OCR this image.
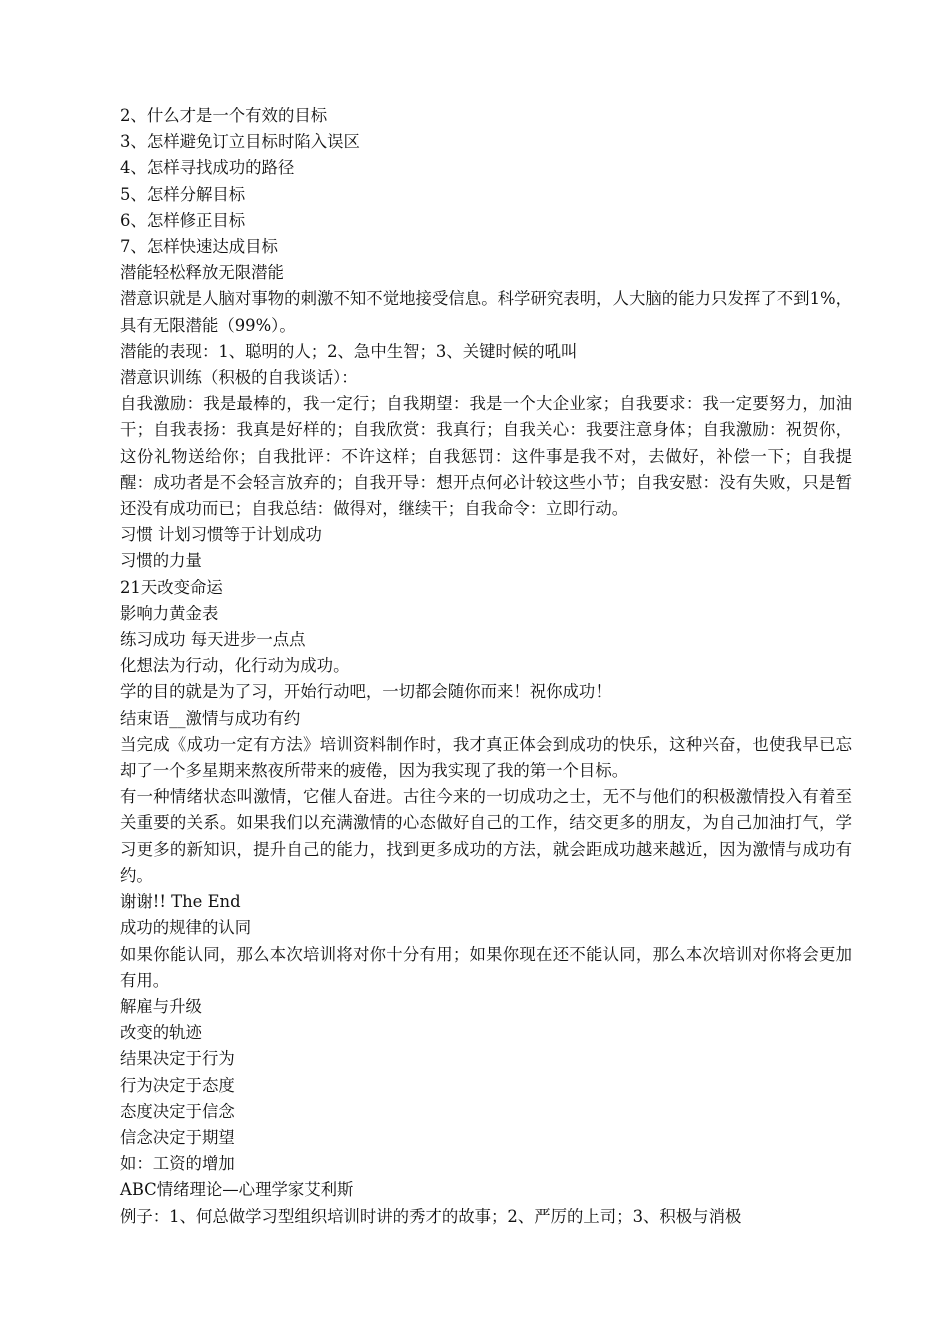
2、什么才是一个有效的目标
3、怎样避免订立目标时陷入误区
4、怎样寻找成功的路径
5、怎样分解目标
6、怎样修正目标
7、怎样快速达成目标
潜能轻松释放无限潜能
潜意识就是人脑对事物的刺激不知不觉地接受信息。科学研究表明，人大脑的能力只发挥了不到1%，具有无限潜能（99%）。
潜能的表现：1、聪明的人；2、急中生智；3、关键时候的吼叫
潜意识训练（积极的自我谈话）：
自我激励：我是最棒的，我一定行；自我期望：我是一个大企业家；自我要求：我一定要努力，加油干；自我表扬：我真是好样的；自我欣赏：我真行；自我关心：我要注意身体；自我激励：祝贺你，这份礼物送给你；自我批评：不许这样；自我惩罚：这件事是我不对，去做好，补偿一下；自我提醒：成功者是不会轻言放弃的；自我开导：想开点何必计较这些小节；自我安慰：没有失败，只是暂还没有成功而已；自我总结：做得对，继续干；自我命令：立即行动。
习惯 计划习惯等于计划成功
习惯的力量
21天改变命运
影响力黄金表
练习成功 每天进步一点点
化想法为行动，化行动为成功。
学的目的就是为了习，开始行动吧，一切都会随你而来！祝你成功！
结束语__激情与成功有约
当完成《成功一定有方法》培训资料制作时，我才真正体会到成功的快乐，这种兴奋，也使我早已忘却了一个多星期来熬夜所带来的疲倦，因为我实现了我的第一个目标。
有一种情绪状态叫激情，它催人奋进。古往今来的一切成功之士，无不与他们的积极激情投入有着至关重要的关系。如果我们以充满激情的心态做好自己的工作，结交更多的朋友，为自己加油打气，学习更多的新知识，提升自己的能力，找到更多成功的方法，就会距成功越来越近，因为激情与成功有约。
谢谢!! The End
成功的规律的认同
如果你能认同，那么本次培训将对你十分有用；如果你现在还不能认同，那么本次培训对你将会更加有用。
解雇与升级
改变的轨迹
结果决定于行为
行为决定于态度
态度决定于信念
信念决定于期望
如：工资的增加
ABC情绪理论—心理学家艾利斯
例子：1、何总做学习型组织培训时讲的秀才的故事；2、严厉的上司；3、积极与消极
